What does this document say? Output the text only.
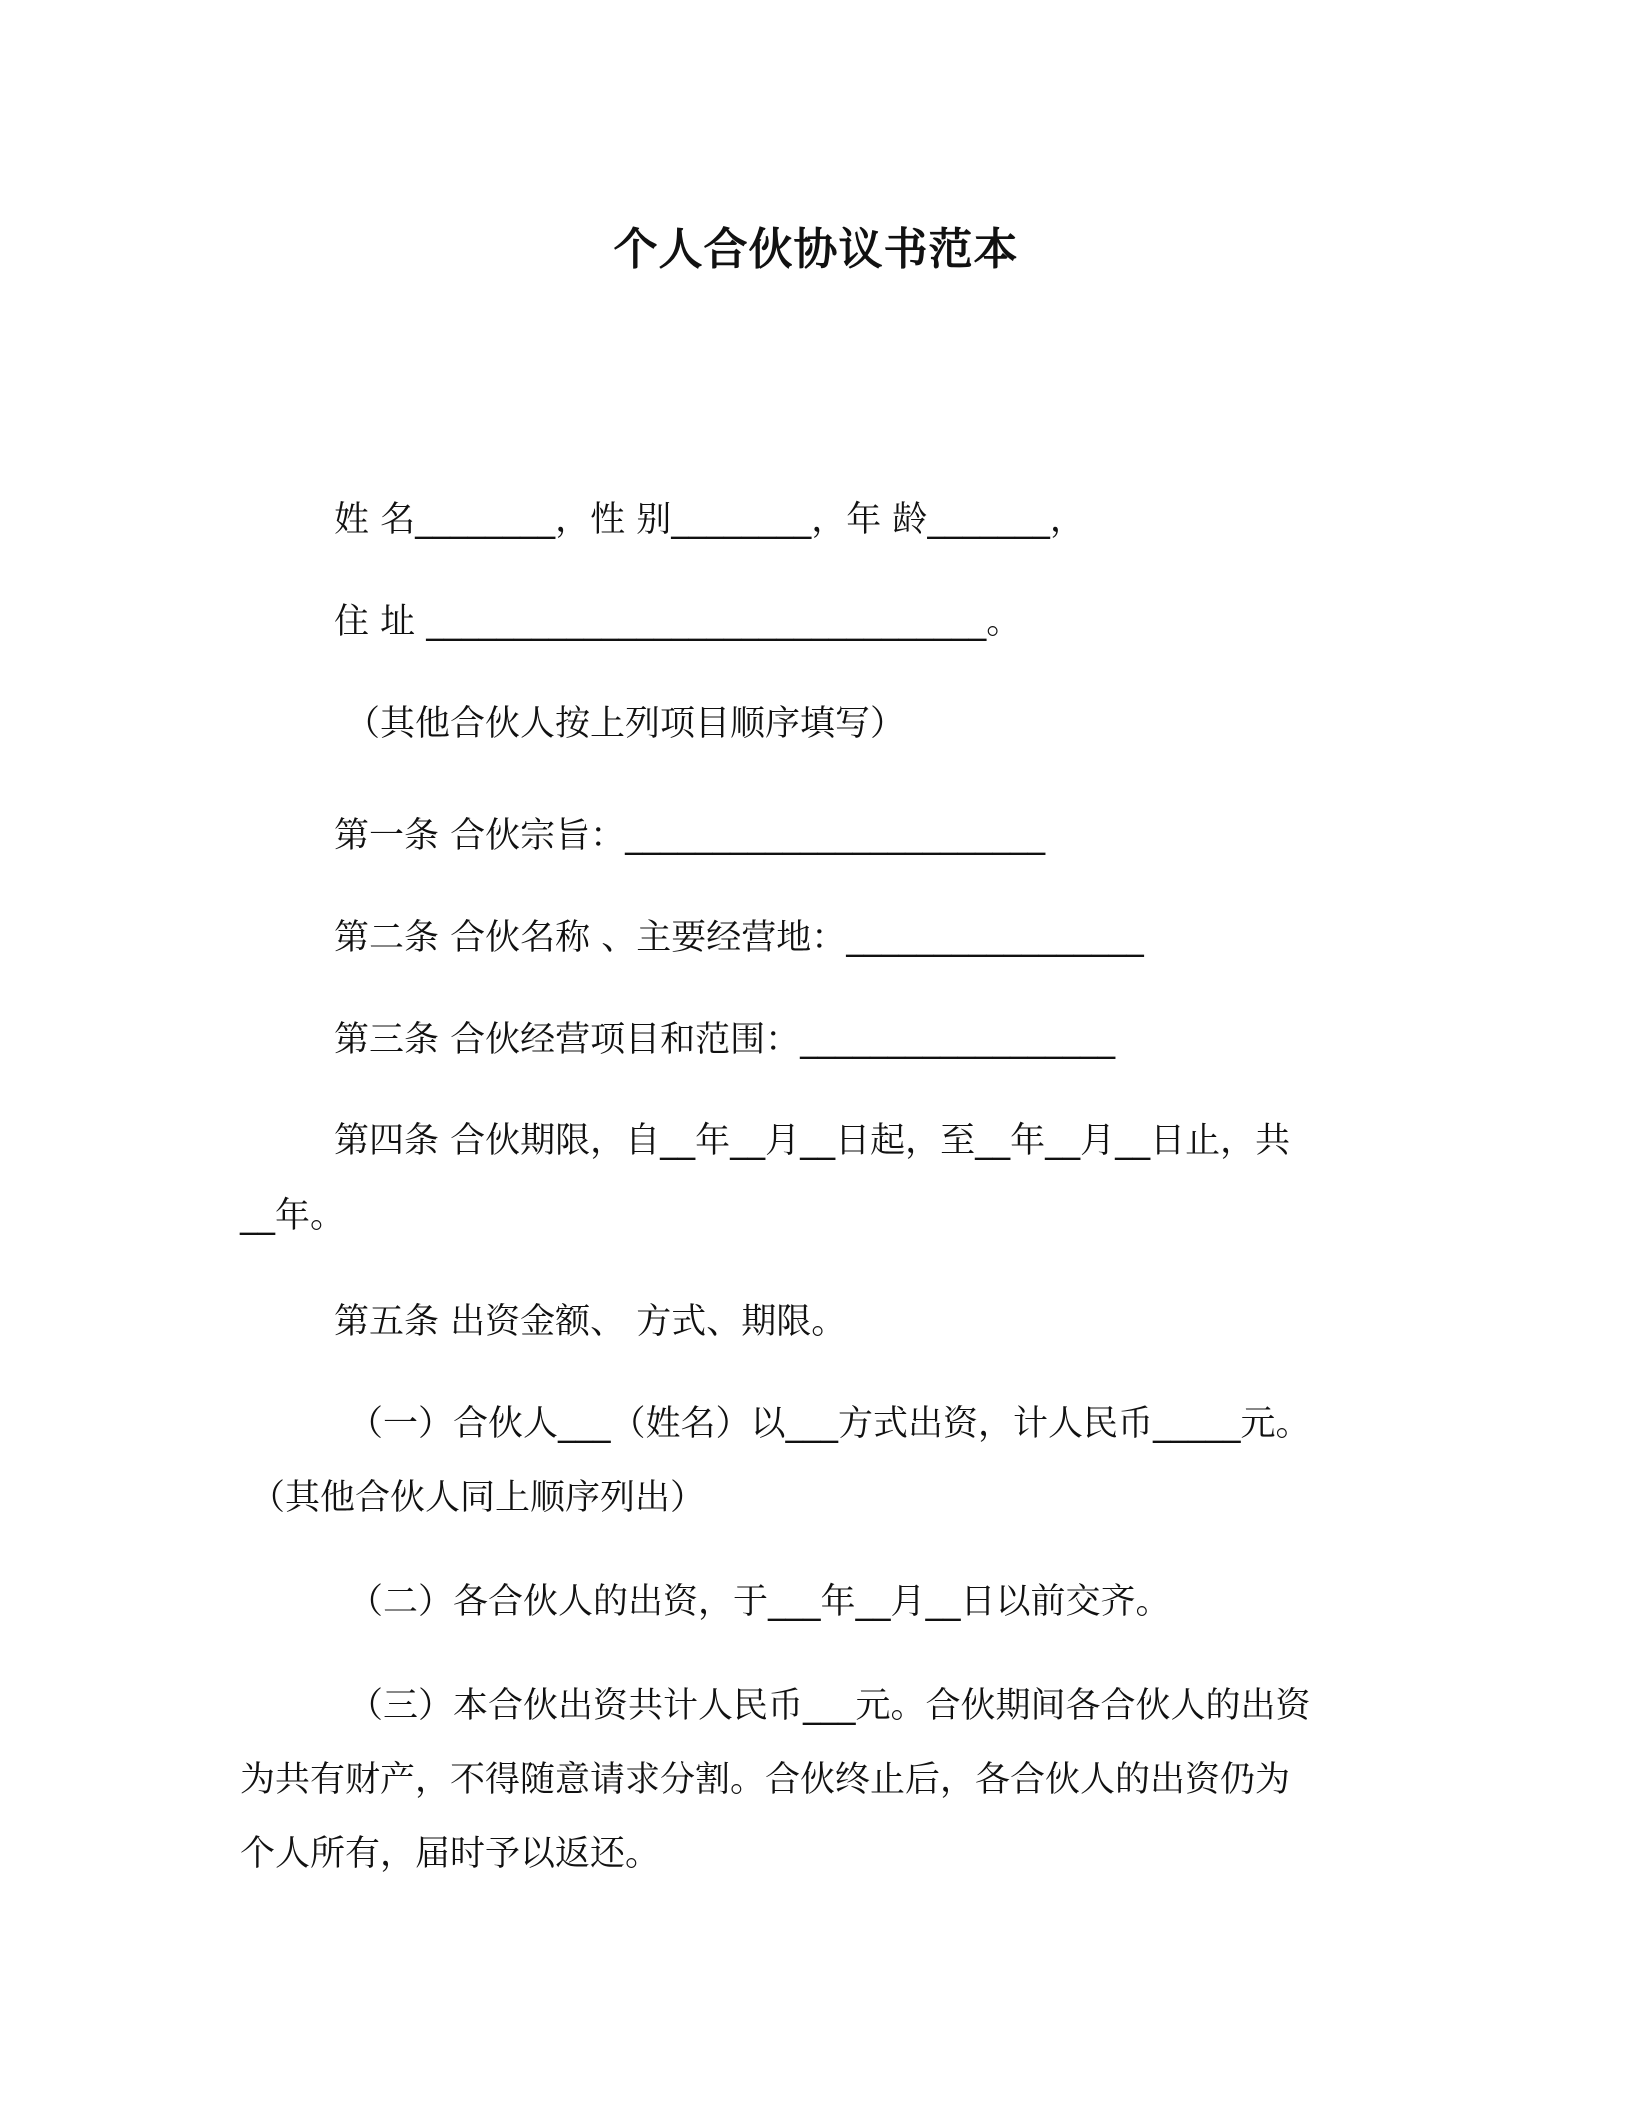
个人合伙协议书范本
姓 名________，性 别________，年 龄_______，
住 址 ________________________________。
（其他合伙人按上列项目顺序填写）
第一条 合伙宗旨：________________________
第二条 合伙名称 、主要经营地：_________________
第三条 合伙经营项目和范围：__________________
第四条 合伙期限，自__年__月__日起，至__年__月__日止，共
__年。
第五条 出资金额、 方式、期限。
（一）合伙人___（姓名）以___方式出资，计人民币_____元。
（其他合伙人同上顺序列出）
（二）各合伙人的出资，于___年__月__日以前交齐。
（三）本合伙出资共计人民币___元。合伙期间各合伙人的出资
为共有财产，不得随意请求分割。合伙终止后，各合伙人的出资仍为
个人所有，届时予以返还。
